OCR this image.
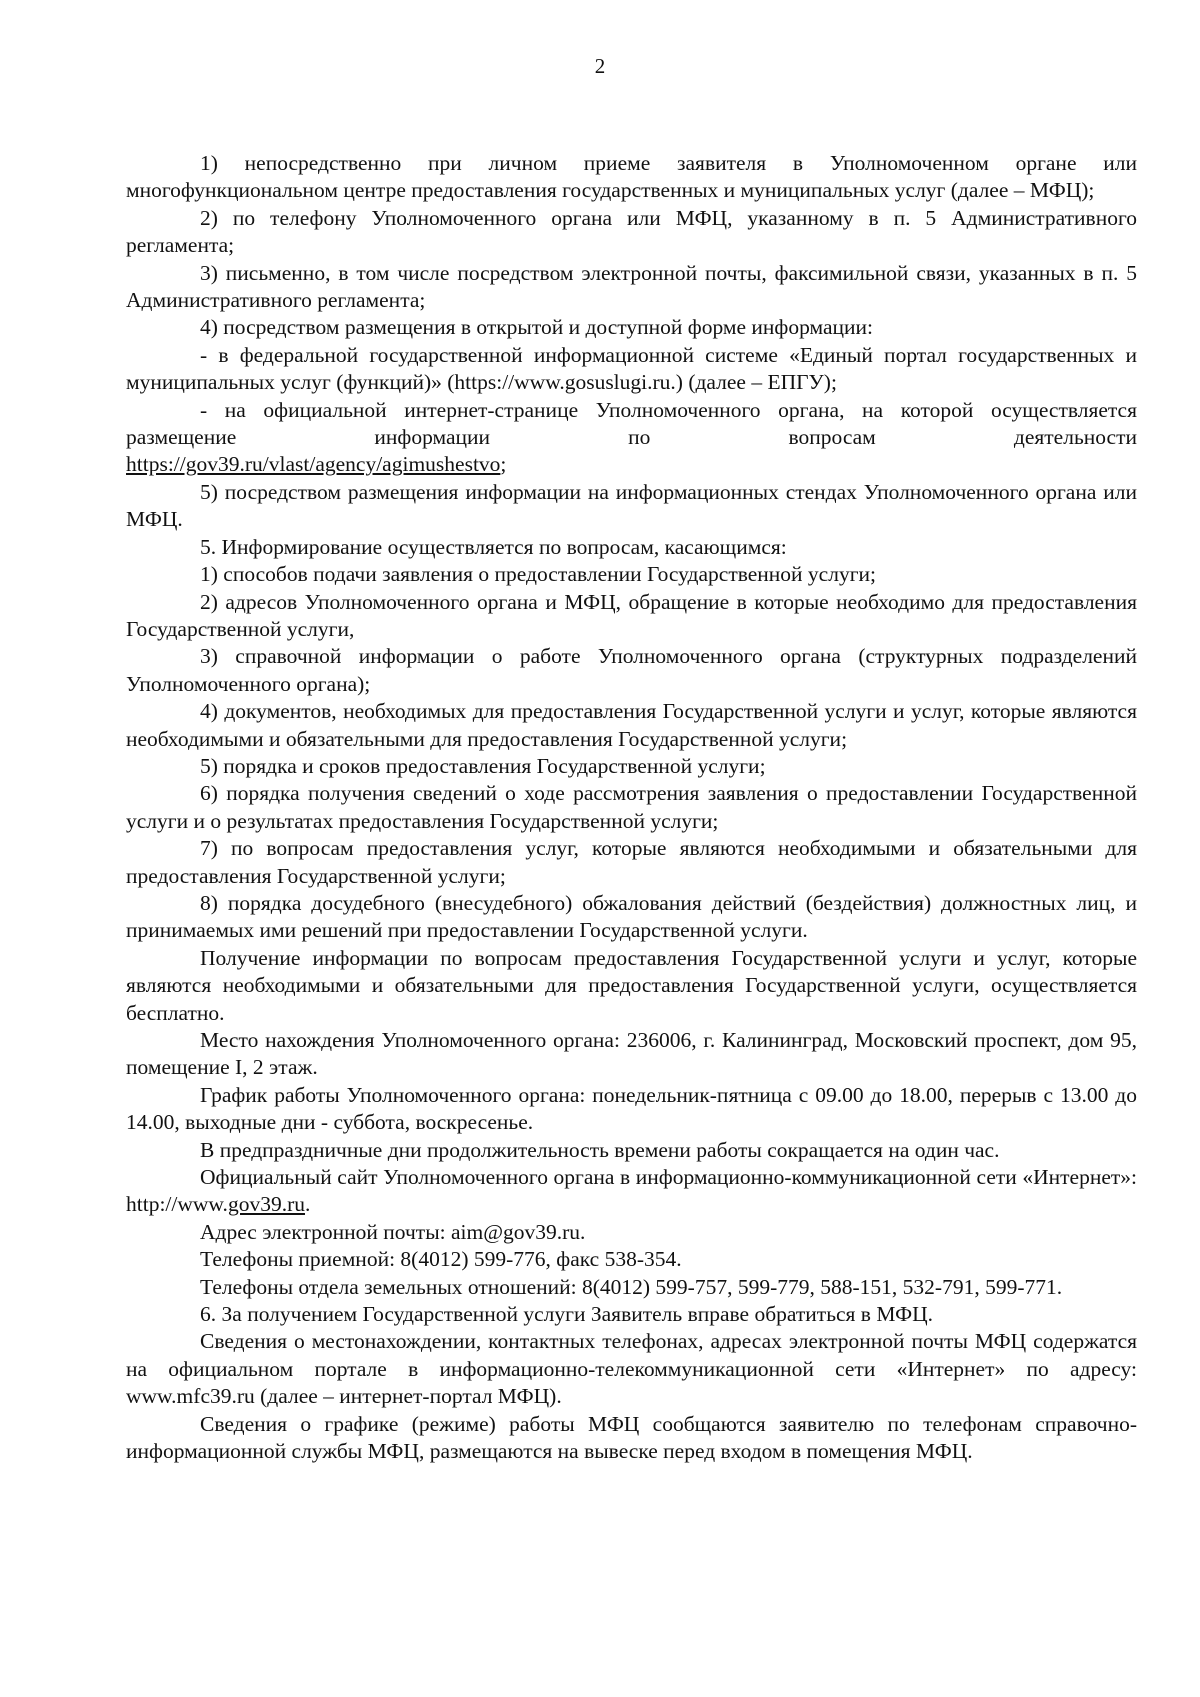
2

1) непосредственно при личном приеме заявителя в Уполномоченном органе или многофункциональном центре предоставления государственных и муниципальных услуг (далее – МФЦ);

2) по телефону Уполномоченного органа или МФЦ, указанному в п. 5 Административного регламента;

3) письменно, в том числе посредством электронной почты, факсимильной связи, указанных в п. 5 Административного регламента;

4) посредством размещения в открытой и доступной форме информации:

- в федеральной государственной информационной системе «Единый портал государственных и муниципальных услуг (функций)» (https://www.gosuslugi.ru.) (далее – ЕПГУ);

- на официальной интернет-странице Уполномоченного органа, на которой осуществляется размещение информации по вопросам деятельности

https://gov39.ru/vlast/agency/agimushestvo;

5) посредством размещения информации на информационных стендах Уполномоченного органа или МФЦ.

5. Информирование осуществляется по вопросам, касающимся:

1) способов подачи заявления о предоставлении Государственной услуги;

2) адресов Уполномоченного органа и МФЦ, обращение в которые необходимо для предоставления Государственной услуги,

3) справочной информации о работе Уполномоченного органа (структурных подразделений Уполномоченного органа);

4) документов, необходимых для предоставления Государственной услуги и услуг, которые являются необходимыми и обязательными для предоставления Государственной услуги;

5) порядка и сроков предоставления Государственной услуги;

6) порядка получения сведений о ходе рассмотрения заявления о предоставлении Государственной услуги и о результатах предоставления Государственной услуги;

7) по вопросам предоставления услуг, которые являются необходимыми и обязательными для предоставления Государственной услуги;

8) порядка досудебного (внесудебного) обжалования действий (бездействия) должностных лиц, и принимаемых ими решений при предоставлении Государственной услуги.

Получение информации по вопросам предоставления Государственной услуги и услуг, которые являются необходимыми и обязательными для предоставления Государственной услуги, осуществляется бесплатно.

Место нахождения Уполномоченного органа: 236006, г. Калининград, Московский проспект, дом 95, помещение I, 2 этаж.

График работы Уполномоченного органа: понедельник-пятница с 09.00 до 18.00, перерыв с 13.00 до 14.00, выходные дни - суббота, воскресенье.

В предпраздничные дни продолжительность времени работы сокращается на один час.

Официальный сайт Уполномоченного органа в информационно-коммуникационной сети «Интернет»: http://www.gov39.ru.

Адрес электронной почты: aim@gov39.ru.

Телефоны приемной: 8(4012) 599-776, факс 538-354.

Телефоны отдела земельных отношений: 8(4012) 599-757, 599-779, 588-151, 532-791, 599-771.

6. За получением Государственной услуги Заявитель вправе обратиться в МФЦ.

Сведения о местонахождении, контактных телефонах, адресах электронной почты МФЦ содержатся на официальном портале в информационно-телекоммуникационной сети «Интернет» по адресу: www.mfc39.ru (далее – интернет-портал МФЦ).

Сведения о графике (режиме) работы МФЦ сообщаются заявителю по телефонам справочно-информационной службы МФЦ, размещаются на вывеске перед входом в помещения МФЦ.
